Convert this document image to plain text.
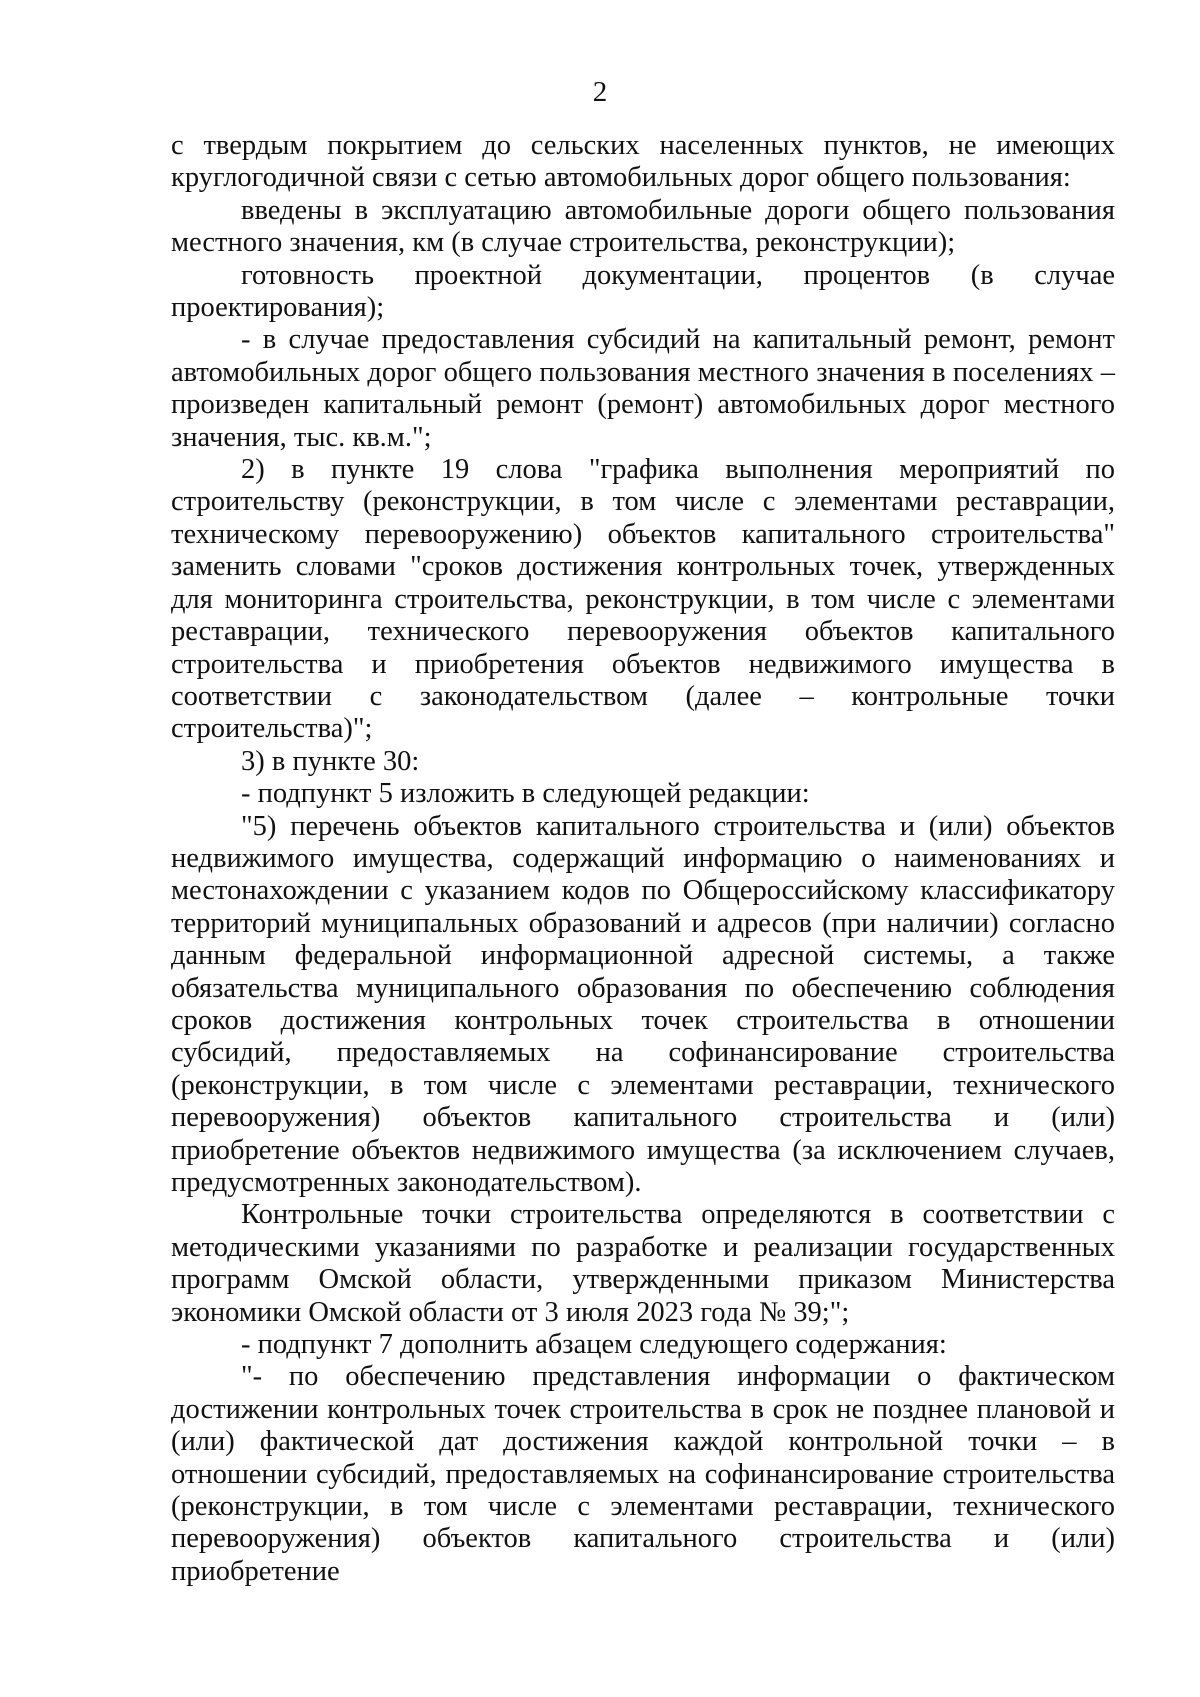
2

с твердым покрытием до сельских населенных пунктов, не имеющих круглогодичной связи с сетью автомобильных дорог общего пользования:

введены в эксплуатацию автомобильные дороги общего пользования местного значения, км (в случае строительства, реконструкции);

готовность проектной документации, процентов (в случае проектирования);

- в случае предоставления субсидий на капитальный ремонт, ремонт автомобильных дорог общего пользования местного значения в поселениях – произведен капитальный ремонт (ремонт) автомобильных дорог местного значения, тыс. кв.м.";

2) в пункте 19 слова "графика выполнения мероприятий по строительству (реконструкции, в том числе с элементами реставрации, техническому перевооружению) объектов капитального строительства" заменить словами "сроков достижения контрольных точек, утвержденных для мониторинга строительства, реконструкции, в том числе с элементами реставрации, технического перевооружения объектов капитального строительства и приобретения объектов недвижимого имущества в соответствии с законодательством (далее – контрольные точки строительства)";

3) в пункте 30:

- подпункт 5 изложить в следующей редакции:

"5) перечень объектов капитального строительства и (или) объектов недвижимого имущества, содержащий информацию о наименованиях и местонахождении с указанием кодов по Общероссийскому классификатору территорий муниципальных образований и адресов (при наличии) согласно данным федеральной информационной адресной системы, а также обязательства муниципального образования по обеспечению соблюдения сроков достижения контрольных точек строительства в отношении субсидий, предоставляемых на софинансирование строительства (реконструкции, в том числе с элементами реставрации, технического перевооружения) объектов капитального строительства и (или) приобретение объектов недвижимого имущества (за исключением случаев, предусмотренных законодательством).

Контрольные точки строительства определяются в соответствии с методическими указаниями по разработке и реализации государственных программ Омской области, утвержденными приказом Министерства экономики Омской области от 3 июля 2023 года № 39;";

- подпункт 7 дополнить абзацем следующего содержания:

"- по обеспечению представления информации о фактическом достижении контрольных точек строительства в срок не позднее плановой и (или) фактической дат достижения каждой контрольной точки – в отношении субсидий, предоставляемых на софинансирование строительства (реконструкции, в том числе с элементами реставрации, технического перевооружения) объектов капитального строительства и (или) приобретение
